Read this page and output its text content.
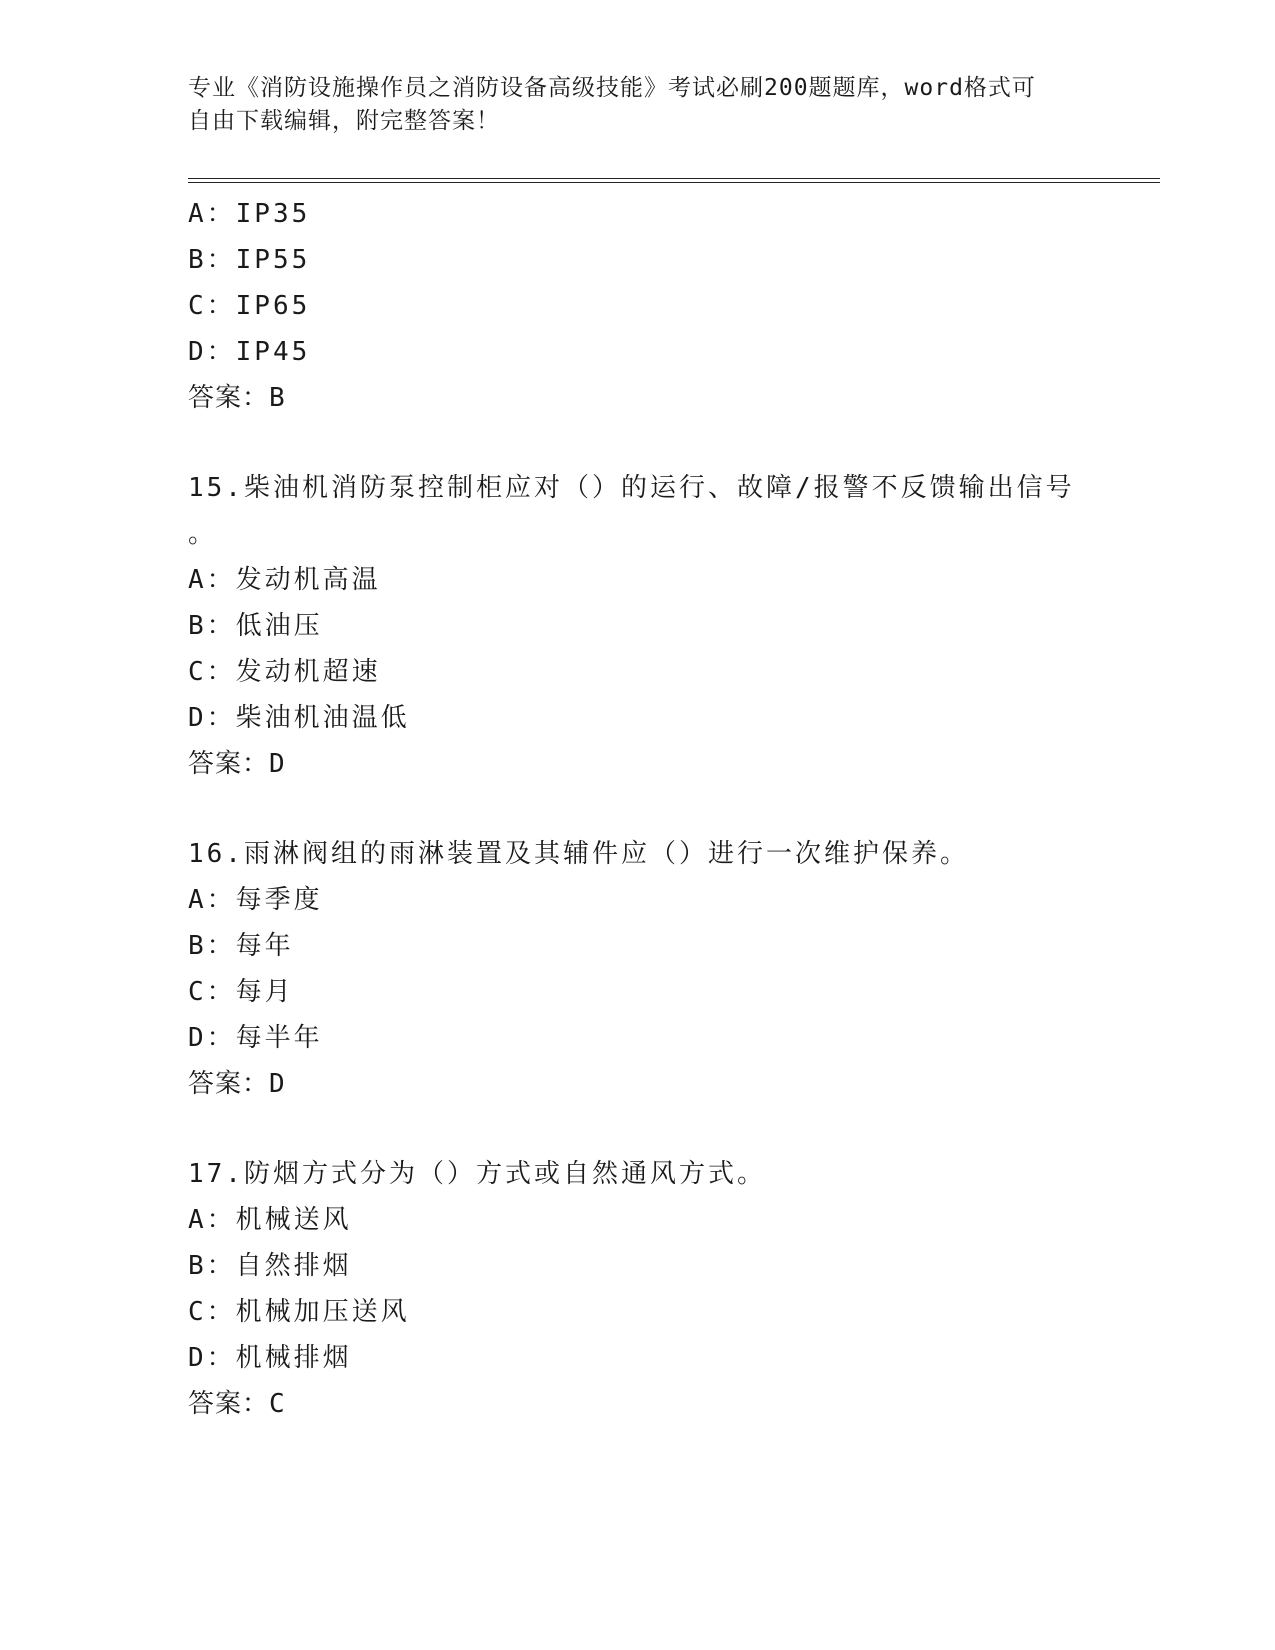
专业《消防设施操作员之消防设备高级技能》考试必刷200题题库，word格式可
自由下载编辑，附完整答案！
A：IP35
B：IP55
C：IP65
D：IP45
答案：B
15.柴油机消防泵控制柜应对（）的运行、故障/报警不反馈输出信号
。
A：发动机高温
B：低油压
C：发动机超速
D：柴油机油温低
答案：D
16.雨淋阀组的雨淋装置及其辅件应（）进行一次维护保养。
A：每季度
B：每年
C：每月
D：每半年
答案：D
17.防烟方式分为（）方式或自然通风方式。
A：机械送风
B：自然排烟
C：机械加压送风
D：机械排烟
答案：C
